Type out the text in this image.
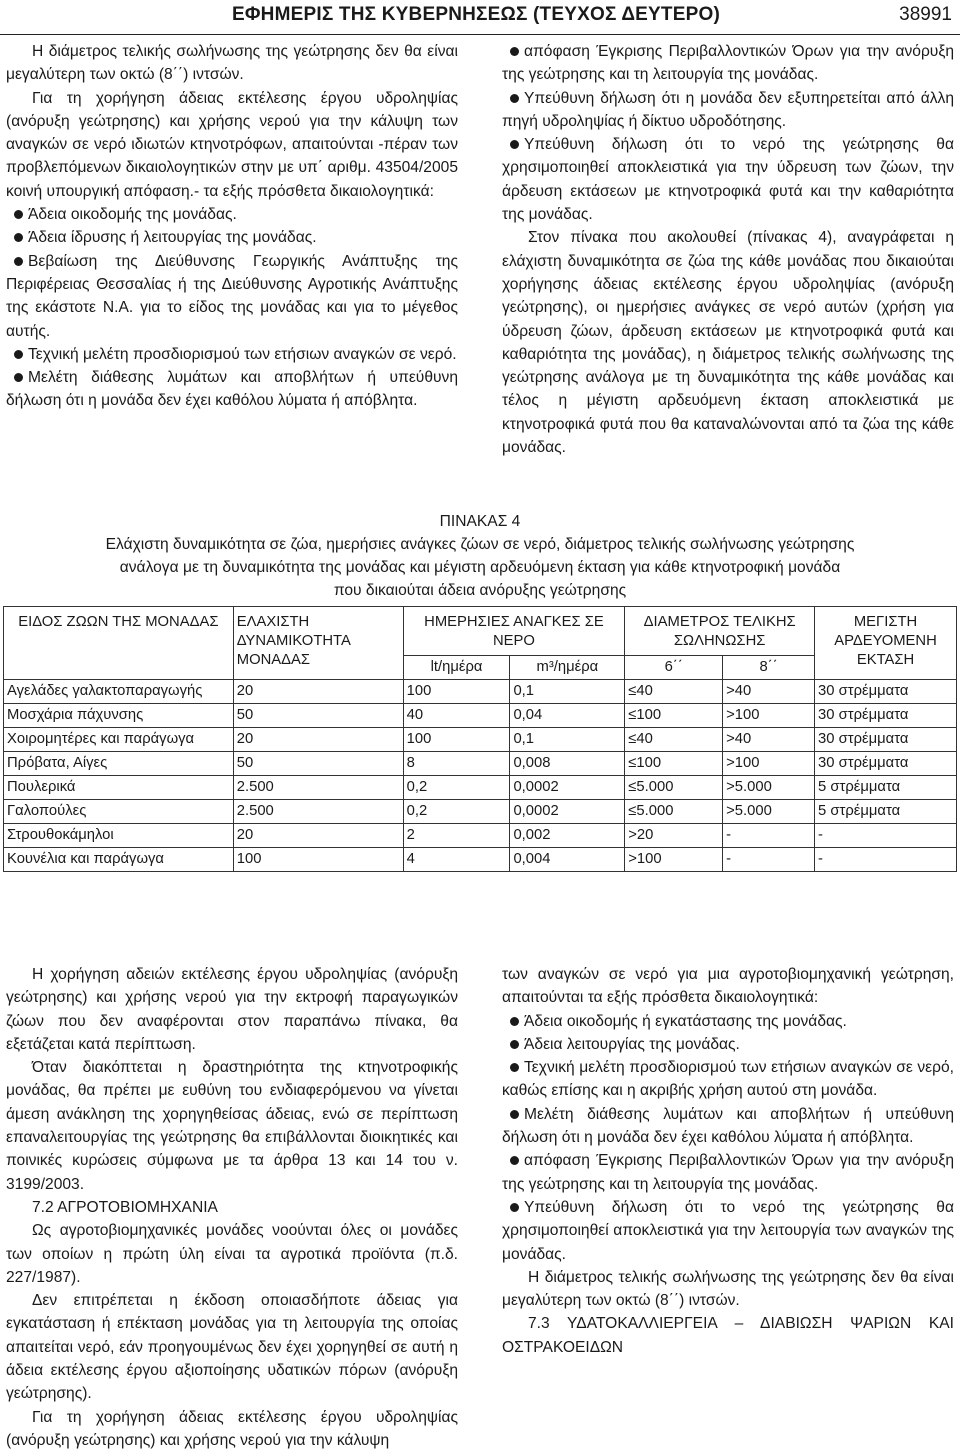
ΕΦΗΜΕΡΙΣ ΤΗΣ ΚΥΒΕΡΝΗΣΕΩΣ (ΤΕΥΧΟΣ ΔΕΥΤΕΡΟ)	38991

Η διάμετρος τελικής σωλήνωσης της γεώτρησης δεν θα είναι μεγαλύτερη των οκτώ (8΄΄) ιντσών.

Για τη χορήγηση άδειας εκτέλεσης έργου υδροληψίας (ανόρυξη γεώτρησης) και χρήσης νερού για την κάλυψη των αναγκών σε νερό ιδιωτών κτηνοτρόφων, απαιτούνται -πέραν των προβλεπόμενων δικαιολογητικών στην με υπ΄ αριθμ. 43504/2005 κοινή υπουργική απόφαση.- τα εξής πρόσθετα δικαιολογητικά:

Άδεια οικοδομής της μονάδας.

Άδεια ίδρυσης ή λειτουργίας της μονάδας.

Βεβαίωση της Διεύθυνσης Γεωργικής Ανάπτυξης της Περιφέρειας Θεσσαλίας ή της Διεύθυνσης Αγροτικής Ανάπτυξης της εκάστοτε Ν.Α. για το είδος της μονάδας και για το μέγεθος αυτής.

Τεχνική μελέτη προσδιορισμού των ετήσιων αναγκών σε νερό.

Μελέτη διάθεσης λυμάτων και αποβλήτων ή υπεύθυνη δήλωση ότι η μονάδα δεν έχει καθόλου λύματα ή απόβλητα.

απόφαση Έγκρισης Περιβαλλοντικών Όρων για την ανόρυξη της γεώτρησης και τη λειτουργία της μονάδας.

Υπεύθυνη δήλωση ότι η μονάδα δεν εξυπηρετείται από άλλη πηγή υδροληψίας ή δίκτυο υδροδότησης.

Υπεύθυνη δήλωση ότι το νερό της γεώτρησης θα χρησιμοποιηθεί αποκλειστικά για την ύδρευση των ζώων, την άρδευση εκτάσεων με κτηνοτροφικά φυτά και την καθαριότητα της μονάδας.

Στον πίνακα που ακολουθεί (πίνακας 4), αναγράφεται η ελάχιστη δυναμικότητα σε ζώα της κάθε μονάδας που δικαιούται χορήγησης άδειας εκτέλεσης έργου υδροληψίας (ανόρυξη γεώτρησης), οι ημερήσιες ανάγκες σε νερό αυτών (χρήση για ύδρευση ζώων, άρδευση εκτάσεων με κτηνοτροφικά φυτά και καθαριότητα της μονάδας), η διάμετρος τελικής σωλήνωσης της γεώτρησης ανάλογα με τη δυναμικότητα της κάθε μονάδας και τέλος η μέγιστη αρδευόμενη έκταση αποκλειστικά με κτηνοτροφικά φυτά που θα καταναλώνονται από τα ζώα της κάθε μονάδας.

ΠΙΝΑΚΑΣ 4
Ελάχιστη δυναμικότητα σε ζώα, ημερήσιες ανάγκες ζώων σε νερό, διάμετρος τελικής σωλήνωσης γεώτρησης
ανάλογα με τη δυναμικότητα της μονάδας και μέγιστη αρδευόμενη έκταση για κάθε κτηνοτροφική μονάδα
που δικαιούται άδεια ανόρυξης γεώτρησης
ΕΙΔΟΣ ΖΩΩΝ ΤΗΣ ΜΟΝΑΔΑΣ	ΕΛΑΧΙΣΤΗ ΔΥΝΑΜΙΚΟΤΗΤΑ ΜΟΝΑΔΑΣ	ΗΜΕΡΗΣΙΕΣ ΑΝΑΓΚΕΣ ΣΕ ΝΕΡΟ		ΔΙΑΜΕΤΡΟΣ ΤΕΛΙΚΗΣ ΣΩΛΗΝΩΣΗΣ		ΜΕΓΙΣΤΗ ΑΡΔΕΥΟΜΕΝΗ ΕΚΤΑΣΗ
		lt/ημέρα	m³/ημέρα	6΄΄	8΄΄	
Αγελάδες γαλακτοπαραγωγής	20	100	0,1	≤40	>40	30 στρέμματα
Μοσχάρια πάχυνσης	50	40	0,04	≤100	>100	30 στρέμματα
Χοιρομητέρες και παράγωγα	20	100	0,1	≤40	>40	30 στρέμματα
Πρόβατα, Αίγες	50	8	0,008	≤100	>100	30 στρέμματα
Πουλερικά	2.500	0,2	0,0002	≤5.000	>5.000	5 στρέμματα
Γαλοπούλες	2.500	0,2	0,0002	≤5.000	>5.000	5 στρέμματα
Στρουθοκάμηλοι	20	2	0,002	>20	-	-
Κουνέλια και παράγωγα	100	4	0,004	>100	-	-

Η χορήγηση αδειών εκτέλεσης έργου υδροληψίας (ανόρυξη γεώτρησης) και χρήσης νερού για την εκτροφή παραγωγικών ζώων που δεν αναφέρονται στον παραπάνω πίνακα, θα εξετάζεται κατά περίπτωση.

Όταν διακόπτεται η δραστηριότητα της κτηνοτροφικής μονάδας, θα πρέπει με ευθύνη του ενδιαφερόμενου να γίνεται άμεση ανάκληση της χορηγηθείσας άδειας, ενώ σε περίπτωση επαναλειτουργίας της γεώτρησης θα επιβάλλονται διοικητικές και ποινικές κυρώσεις σύμφωνα με τα άρθρα 13 και 14 του ν. 3199/2003.

7.2 ΑΓΡΟΤΟΒΙΟΜΗΧΑΝΙΑ

Ως αγροτοβιομηχανικές μονάδες νοούνται όλες οι μονάδες των οποίων η πρώτη ύλη είναι τα αγροτικά προϊόντα (π.δ. 227/1987).

Δεν επιτρέπεται η έκδοση οποιασδήποτε άδειας για εγκατάσταση ή επέκταση μονάδας για τη λειτουργία της οποίας απαιτείται νερό, εάν προηγουμένως δεν έχει χορηγηθεί σε αυτή η άδεια εκτέλεσης έργου αξιοποίησης υδατικών πόρων (ανόρυξη γεώτρησης).

Για τη χορήγηση άδειας εκτέλεσης έργου υδροληψίας (ανόρυξη γεώτρησης) και χρήσης νερού για την κάλυψη

των αναγκών σε νερό για μια αγροτοβιομηχανική γεώτρηση, απαιτούνται τα εξής πρόσθετα δικαιολογητικά:

Άδεια οικοδομής ή εγκατάστασης της μονάδας.

Άδεια λειτουργίας της μονάδας.

Τεχνική μελέτη προσδιορισμού των ετήσιων αναγκών σε νερό, καθώς επίσης και η ακριβής χρήση αυτού στη μονάδα.

Μελέτη διάθεσης λυμάτων και αποβλήτων ή υπεύθυνη δήλωση ότι η μονάδα δεν έχει καθόλου λύματα ή απόβλητα.

απόφαση Έγκρισης Περιβαλλοντικών Όρων για την ανόρυξη της γεώτρησης και τη λειτουργία της μονάδας.

Υπεύθυνη δήλωση ότι το νερό της γεώτρησης θα χρησιμοποιηθεί αποκλειστικά για την λειτουργία των αναγκών της μονάδας.

Η διάμετρος τελικής σωλήνωσης της γεώτρησης δεν θα είναι μεγαλύτερη των οκτώ (8΄΄) ιντσών.

7.3 ΥΔΑΤΟΚΑΛΛΙΕΡΓΕΙΑ – ΔΙΑΒΙΩΣΗ ΨΑΡΙΩΝ ΚΑΙ ΟΣΤΡΑΚΟΕΙΔΩΝ
